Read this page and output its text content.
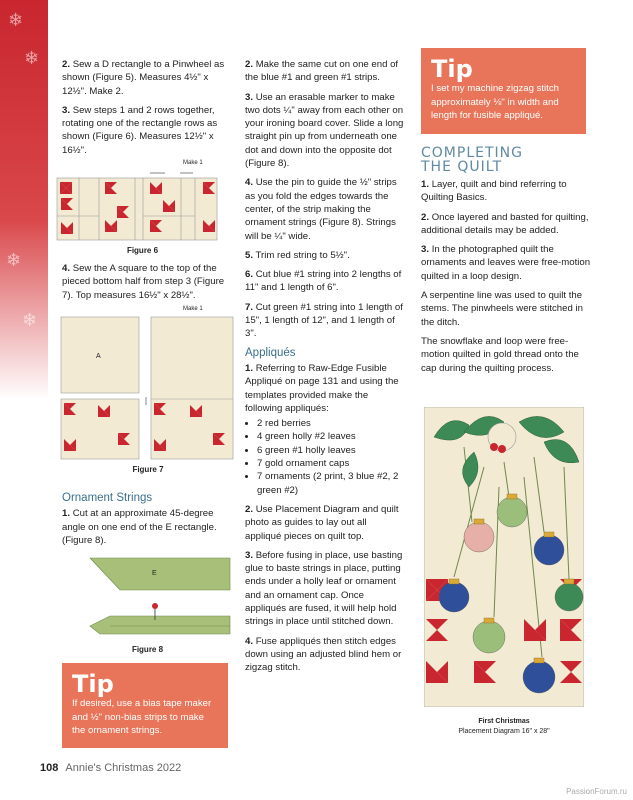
❄
❄
❄
❄

2. Sew a D rectangle to a Pinwheel as shown (Figure 5). Measures 4½" x 12½". Make 2.

3. Sew steps 1 and 2 rows together, rotating one of the rectangle rows as shown (Figure 6). Measures 12½" x 16½".

Make 1
Figure 6

4. Sew the A square to the top of the pieced bottom half from step 3 (Figure 7). Top measures 16½" x 28½".

Make 1
A
Figure 7
Ornament Strings

1. Cut at an approximate 45-degree angle on one end of the E rectangle. (Figure 8).

E
Figure 8
Tip
If desired, use a bias tape maker and ½" non-bias strips to make the ornament strings.

2. Make the same cut on one end of the blue #1 and green #1 strips.

3. Use an erasable marker to make two dots ¼" away from each other on your ironing board cover. Slide a long straight pin up from underneath one dot and down into the opposite dot (Figure 8).

4. Use the pin to guide the ½" strips as you fold the edges towards the center, of the strip making the ornament strings (Figure 8). Strings will be ¼" wide.

5. Trim red string to 5½".

6. Cut blue #1 string into 2 lengths of 11" and 1 length of 6".

7. Cut green #1 string into 1 length of 15", 1 length of 12", and 1 length of 3".

Appliqués

1. Referring to Raw-Edge Fusible Appliqué on page 131 and using the templates provided make the following appliqués:

• 2 red berries
• 4 green holly #2 leaves
• 6 green #1 holly leaves
• 7 gold ornament caps
• 7 ornaments (2 print, 3 blue #2, 2 green #2)

2. Use Placement Diagram and quilt photo as guides to lay out all appliqué pieces on quilt top.

3. Before fusing in place, use basting glue to baste strings in place, putting ends under a holly leaf or ornament and an ornament cap. Once appliqués are fused, it will help hold strings in place until stitched down.

4. Fuse appliqués then stitch edges down using an adjusted blind hem or zigzag stitch.

Tip
I set my machine zigzag stitch approximately ⅛" in width and length for fusible appliqué.
COMPLETING
THE QUILT

1. Layer, quilt and bind referring to Quilting Basics.

2. Once layered and basted for quilting, additional details may be added.

3. In the photographed quilt the ornaments and leaves were free-motion quilted in a loop design.

A serpentine line was used to quilt the stems. The pinwheels were stitched in the ditch.

The snowflake and loop were free-motion quilted in gold thread onto the cap during the quilting process.

First Christmas
Placement Diagram 16" x 28"
108 Annie's Christmas 2022
PassionForum.ru
